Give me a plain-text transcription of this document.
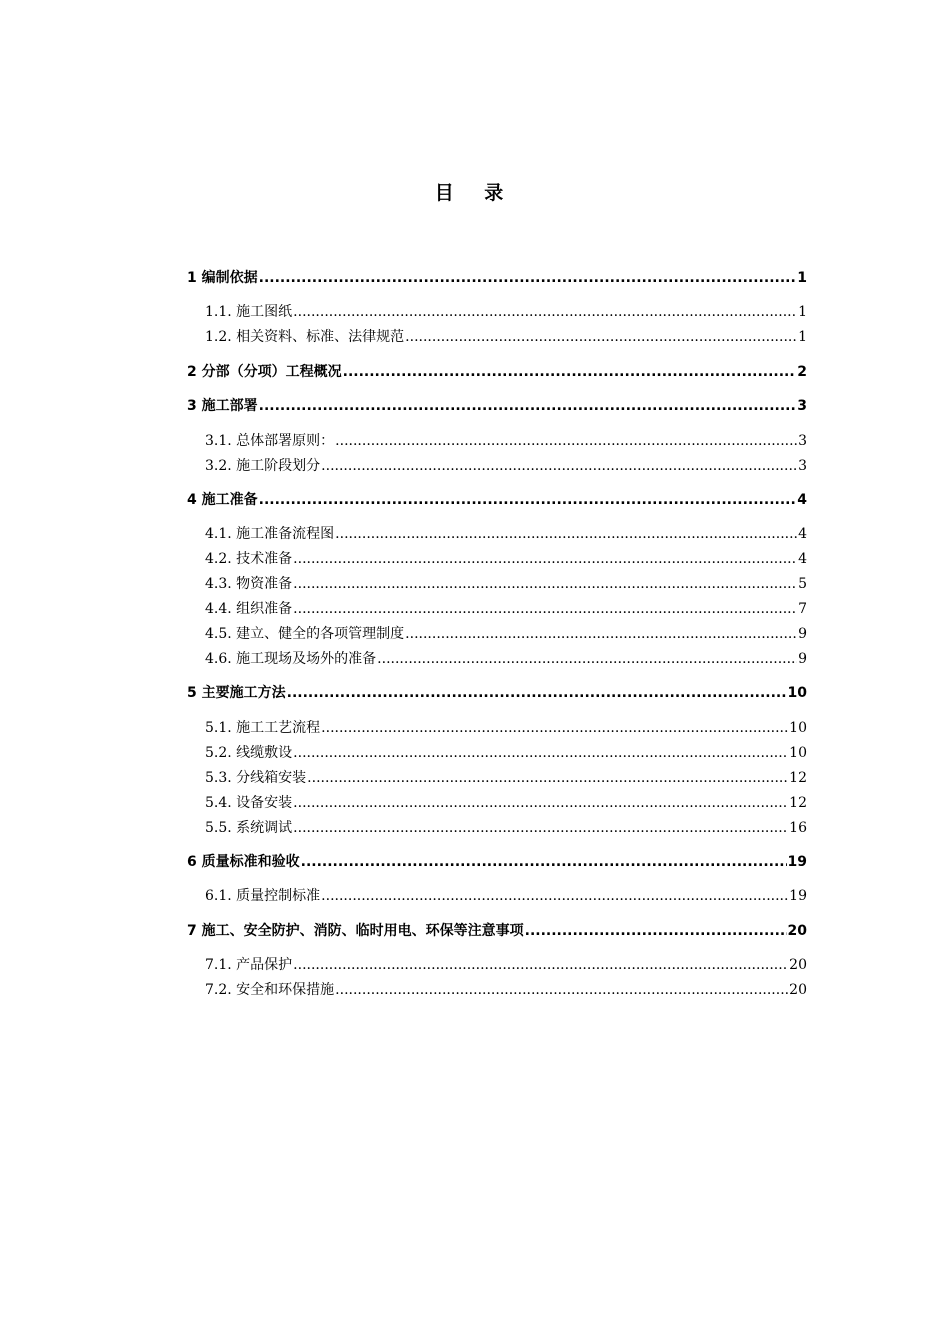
目 录
1 编制依据 .....	1
1.1. 施工图纸 .....	1
1.2. 相关资料、标准、法律规范 .....	1
2 分部（分项）工程概况 .....	2
3 施工部署 .....	3
3.1. 总体部署原则： .....	3
3.2. 施工阶段划分 .....	3
4 施工准备 .....	4
4.1. 施工准备流程图 .....	4
4.2. 技术准备 .....	4
4.3. 物资准备 .....	5
4.4. 组织准备 .....	7
4.5. 建立、健全的各项管理制度 .....	9
4.6. 施工现场及场外的准备 .....	9
5 主要施工方法 .....	10
5.1. 施工工艺流程 .....	10
5.2. 线缆敷设 .....	10
5.3. 分线箱安装 .....	12
5.4. 设备安装 .....	12
5.5. 系统调试 .....	16
6 质量标准和验收 .....	19
6.1. 质量控制标准 .....	19
7 施工、安全防护、消防、临时用电、环保等注意事项 .....	20
7.1. 产品保护 .....	20
7.2. 安全和环保措施 .....	20
